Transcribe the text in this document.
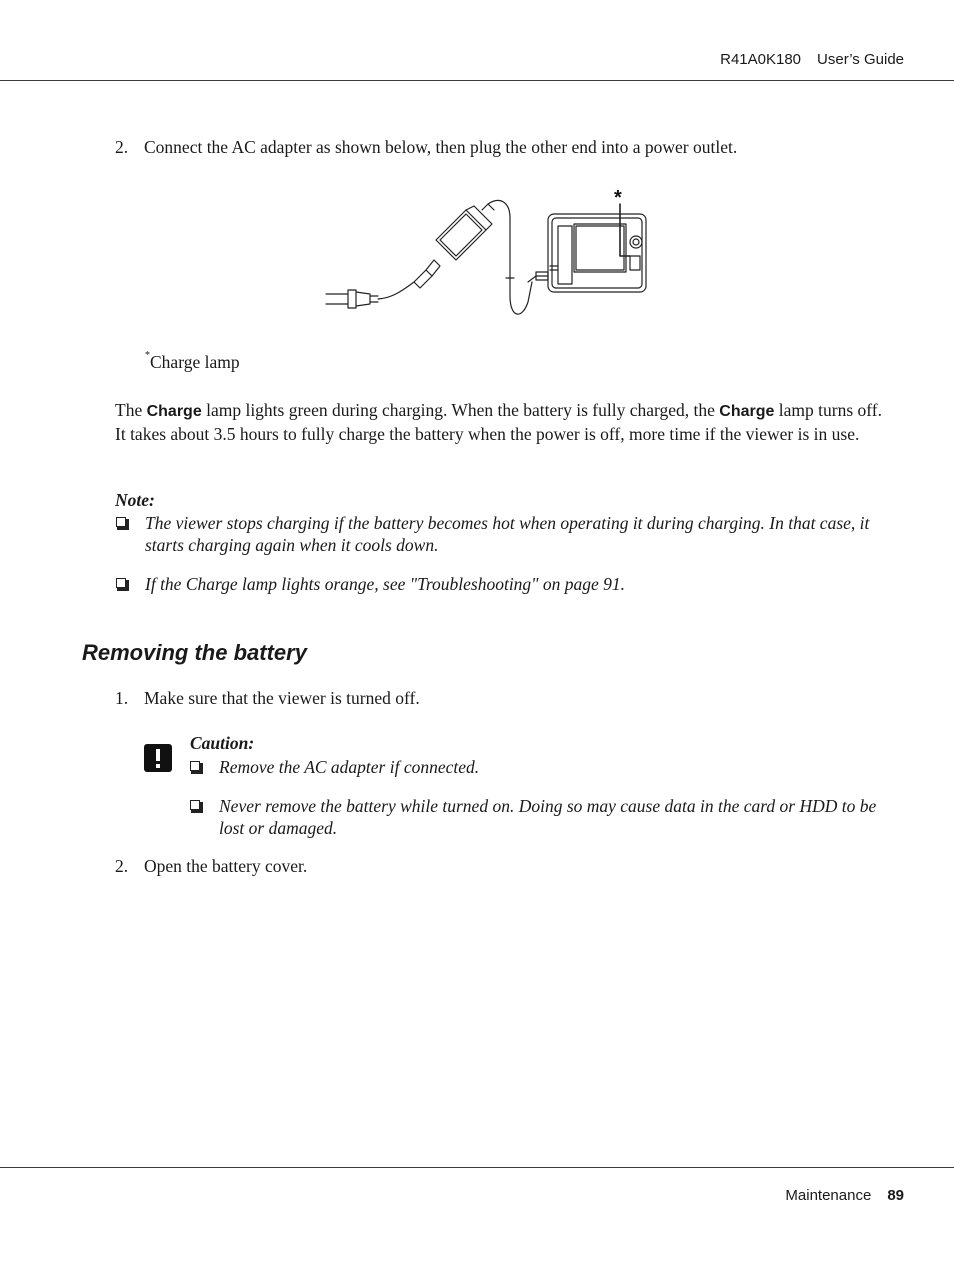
R41A0K180 User’s Guide
2. Connect the AC adapter as shown below, then plug the other end into a power outlet.
*
*Charge lamp
The Charge lamp lights green during charging. When the battery is fully charged, the Charge lamp turns off. It takes about 3.5 hours to fully charge the battery when the power is off, more time if the viewer is in use.
Note:
The viewer stops charging if the battery becomes hot when operating it during charging. In that case, it starts charging again when it cools down.
If the Charge lamp lights orange, see "Troubleshooting" on page 91.
Removing the battery
1. Make sure that the viewer is turned off.
Caution:
Remove the AC adapter if connected.
Never remove the battery while turned on. Doing so may cause data in the card or HDD to be lost or damaged.
2. Open the battery cover.
Maintenance 89
